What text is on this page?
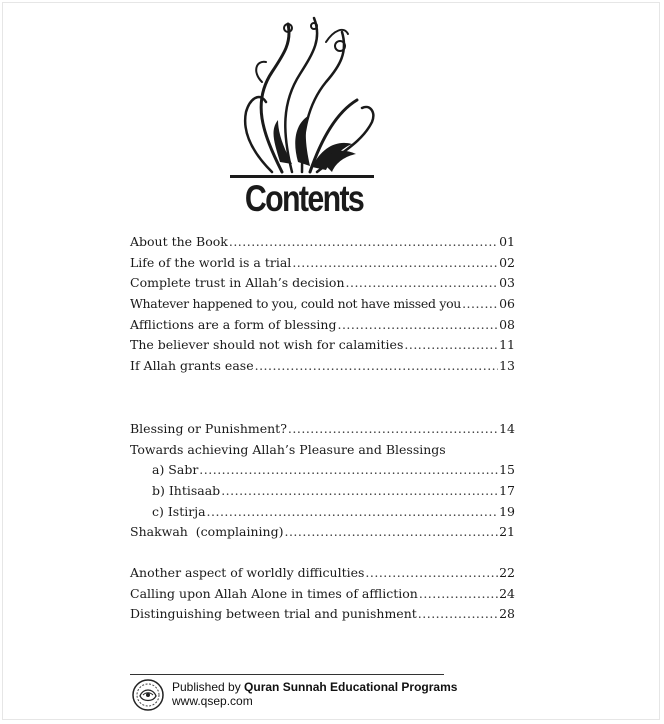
Contents
About the Book .....	01
Life of the world is a trial .....	02
Complete trust in Allah’s decision .....	03
Whatever happened to you, could not have missed you .....	06
Afflictions are a form of blessing .....	08
The believer should not wish for calamities .....	11
If Allah grants ease .....	13
Blessing or Punishment? .....	14
Towards achieving Allah’s Pleasure and Blessings
a) Sabr .....	15
b) Ihtisaab .....	17
c) Istirja .....	19
Shakwah  (complaining) .....	21
Another aspect of worldly difficulties .....	22
Calling upon Allah Alone in times of affliction .....	24
Distinguishing between trial and punishment .....	28
Published by Quran Sunnah Educational Programs
www.qsep.com
